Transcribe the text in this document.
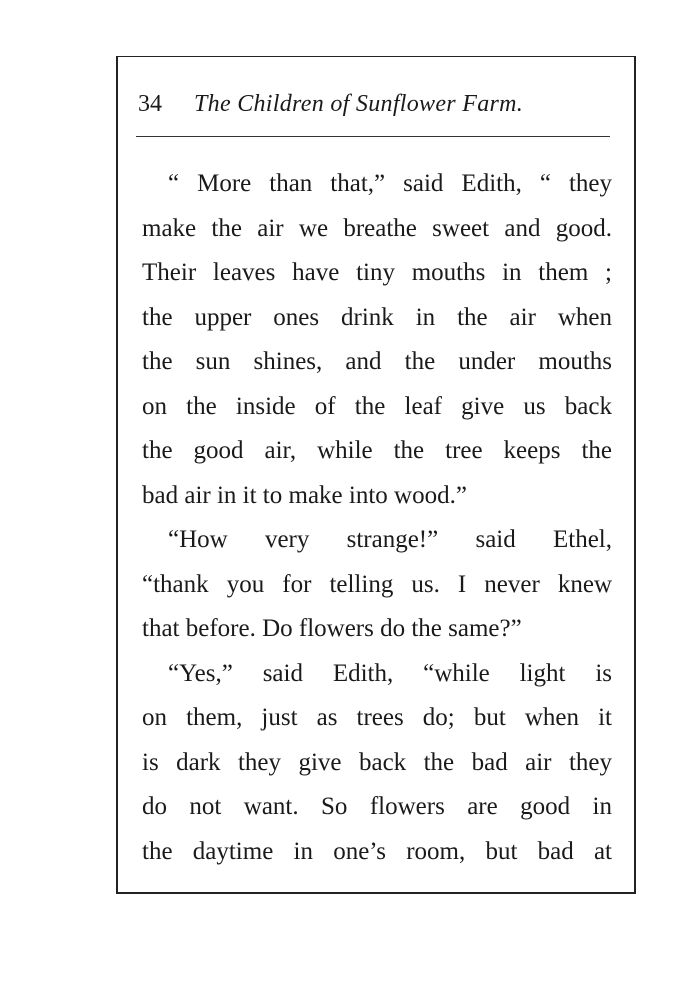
34 The Children of Sunflower Farm.
“ More than that,” said Edith, “ they
make the air we breathe sweet and good.
Their leaves have tiny mouths in them ;
the upper ones drink in the air when
the sun shines, and the under mouths
on the inside of the leaf give us back
the good air, while the tree keeps the
bad air in it to make into wood.”
“How very strange!” said Ethel,
“thank you for telling us. I never knew
that before. Do flowers do the same?”
“Yes,” said Edith, “while light is
on them, just as trees do; but when it
is dark they give back the bad air they
do not want. So flowers are good in
the daytime in one’s room, but bad at
